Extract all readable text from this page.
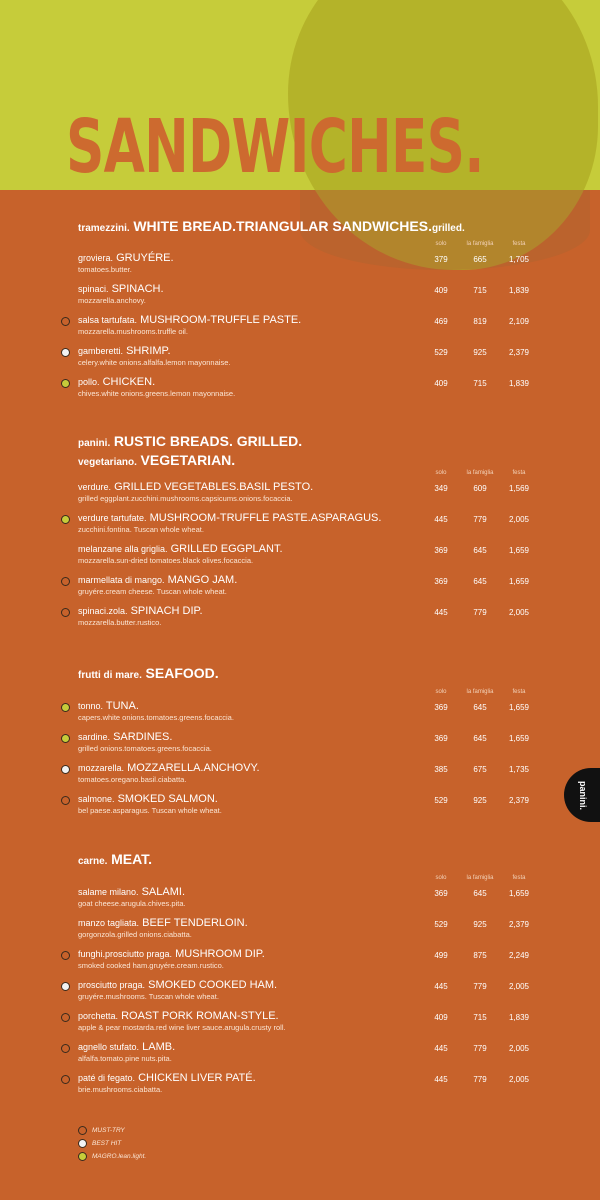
SANDWICHES.
tramezzini. WHITE BREAD.TRIANGULAR SANDWICHES.grilled.
solo	la famiglia	festa
groviera. GRUYÉRE.
tomatoes.butter.
379	665	1,705
spinaci. SPINACH.
mozzarella.anchovy.
409	715	1,839
salsa tartufata. MUSHROOM-TRUFFLE PASTE.
mozzarella.mushrooms.truffle oil.
469	819	2,109
gamberetti. SHRIMP.
celery.white onions.alfalfa.lemon mayonnaise.
529	925	2,379
pollo. CHICKEN.
chives.white onions.greens.lemon mayonnaise.
409	715	1,839
panini. RUSTIC BREADS. GRILLED.
vegetariano. VEGETARIAN.
solo	la famiglia	festa
verdure. GRILLED VEGETABLES.BASIL PESTO.
grilled eggplant.zucchini.mushrooms.capsicums.onions.focaccia.
349	609	1,569
verdure tartufate. MUSHROOM-TRUFFLE PASTE.ASPARAGUS.
zucchini.fontina. Tuscan whole wheat.
445	779	2,005
melanzane alla griglia. GRILLED EGGPLANT.
mozzarella.sun-dried tomatoes.black olives.focaccia.
369	645	1,659
marmellata di mango. MANGO JAM.
gruyére.cream cheese. Tuscan whole wheat.
369	645	1,659
spinaci.zola. SPINACH DIP.
mozzarella.butter.rustico.
445	779	2,005
frutti di mare. SEAFOOD.
solo	la famiglia	festa
tonno. TUNA.
capers.white onions.tomatoes.greens.focaccia.
369	645	1,659
sardine. SARDINES.
grilled onions.tomatoes.greens.focaccia.
369	645	1,659
mozzarella. MOZZARELLA.ANCHOVY.
tomatoes.oregano.basil.ciabatta.
385	675	1,735
salmone. SMOKED SALMON.
bel paese.asparagus. Tuscan whole wheat.
529	925	2,379
carne. MEAT.
solo	la famiglia	festa
salame milano. SALAMI.
goat cheese.arugula.chives.pita.
369	645	1,659
manzo tagliata. BEEF TENDERLOIN.
gorgonzola.grilled onions.ciabatta.
529	925	2,379
funghi.prosciutto praga. MUSHROOM DIP.
smoked cooked ham.gruyére.cream.rustico.
499	875	2,249
prosciutto praga. SMOKED COOKED HAM.
gruyére.mushrooms. Tuscan whole wheat.
445	779	2,005
porchetta. ROAST PORK ROMAN-STYLE.
apple & pear mostarda.red wine liver sauce.arugula.crusty roll.
409	715	1,839
agnello stufato. LAMB.
alfalfa.tomato.pine nuts.pita.
445	779	2,005
paté di fegato. CHICKEN LIVER PATÉ.
brie.mushrooms.ciabatta.
445	779	2,005
panini.
MUST-TRY
BEST HIT
MAGRO.lean.light.
